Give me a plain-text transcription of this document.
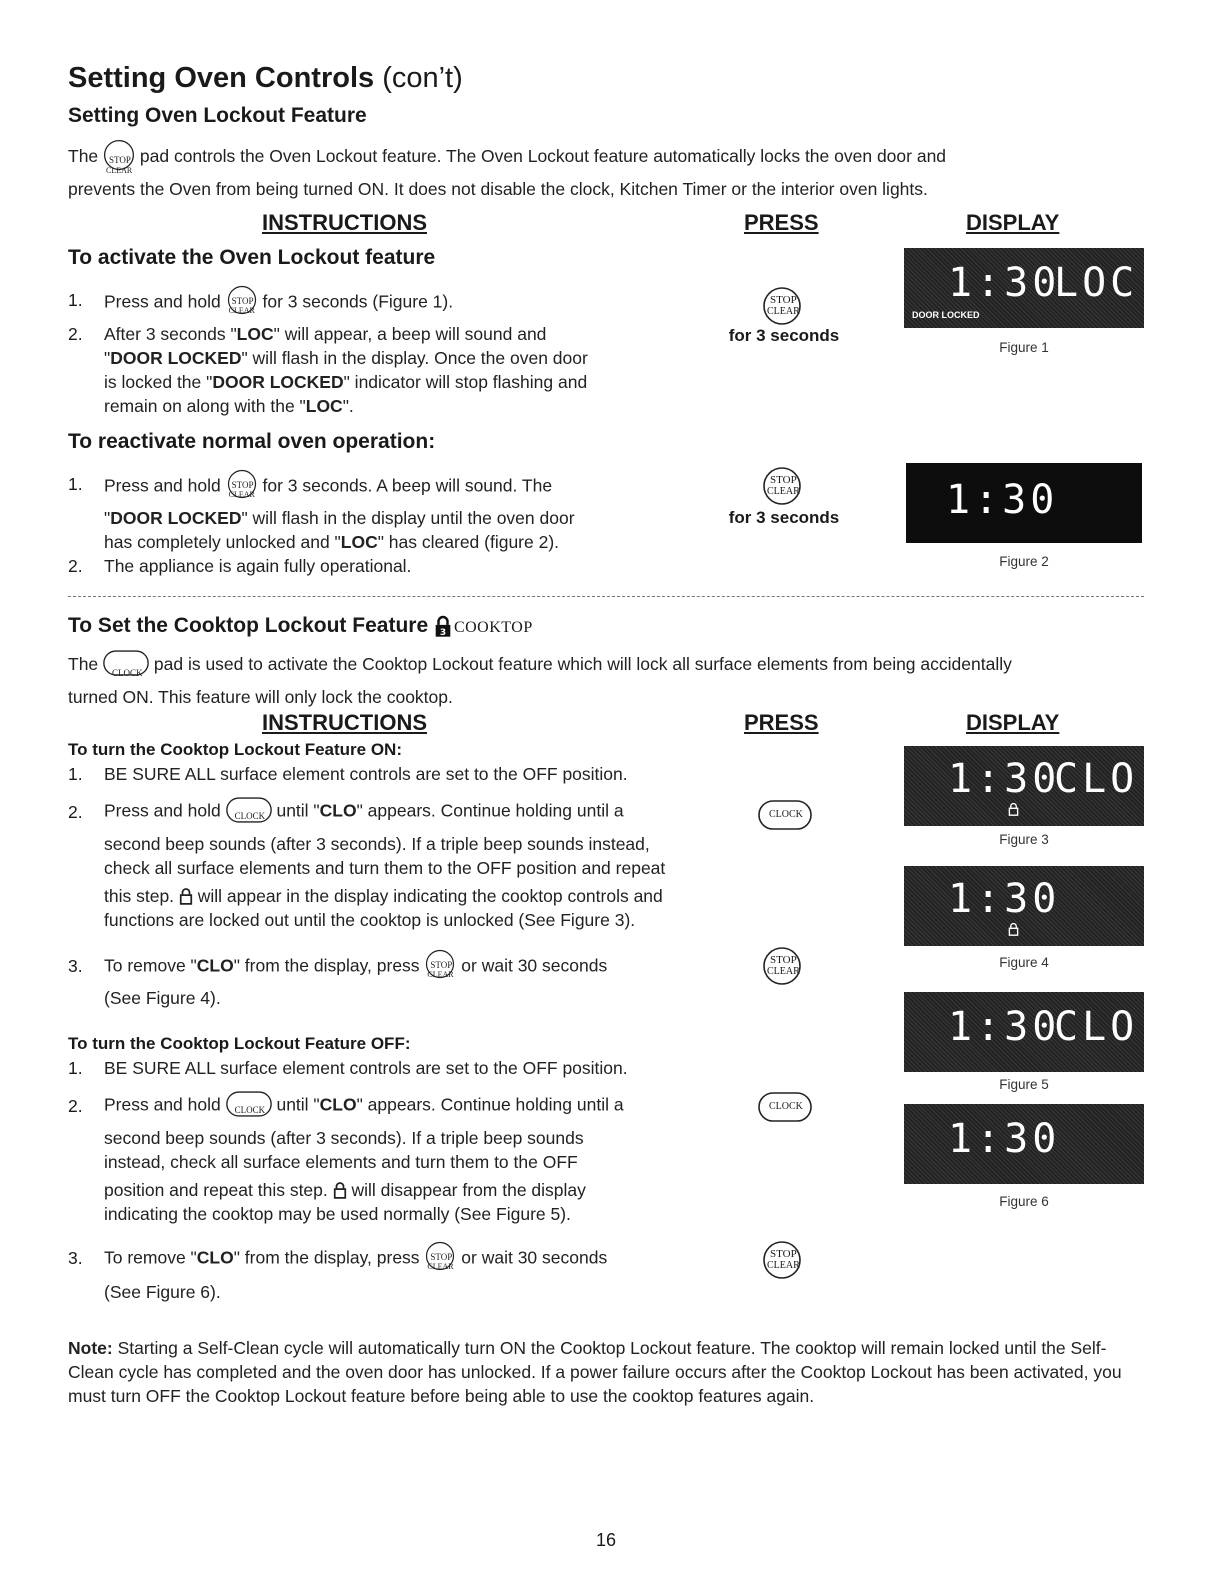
Setting Oven Controls (con’t)
Setting Oven Lockout Feature
The STOP
CLEAR
pad controls the Oven Lockout feature. The Oven Lockout feature automatically locks the oven door and
prevents the Oven from being turned ON. It does not disable the clock, Kitchen Timer or the interior oven lights.
INSTRUCTIONS	PRESS	DISPLAY
To activate the Oven Lockout feature
1. Press and hold STOP
CLEAR for 3 seconds (Figure 1).
2. After 3 seconds "LOC" will appear, a beep will sound and
"DOOR LOCKED" will flash in the display. Once the oven door
is locked the "DOOR LOCKED" indicator will stop flashing and
remain on along with the "LOC".
STOP
CLEAR
for 3 seconds
1:30
LOC
DOOR LOCKED
Figure 1
To reactivate normal oven operation:
1. Press and hold STOP
CLEAR for 3 seconds. A beep will sound. The
"DOOR LOCKED" will flash in the display until the oven door
has completely unlocked and "LOC" has cleared (figure 2).
2. The appliance is again fully operational.
STOP
CLEAR
for 3 seconds	1:30
Figure 2
To Set the Cooktop Lockout Feature 3 COOKTOP
The CLOCK pad is used to activate the Cooktop Lockout feature which will lock all surface elements from being accidentally
turned ON. This feature will only lock the cooktop.
INSTRUCTIONS	PRESS	DISPLAY
To turn the Cooktop Lockout Feature ON:
1. BE SURE ALL surface element controls are set to the OFF position.
2. Press and hold CLOCK until "CLO" appears. Continue holding until a
second beep sounds (after 3 seconds). If a triple beep sounds instead,
check all surface elements and turn them to the OFF position and repeat
this step.  will appear in the display indicating the cooktop controls and
functions are locked out until the cooktop is unlocked (See Figure 3).
3. To remove "CLO" from the display, press STOP
CLEAR or wait 30 seconds
(See Figure 4).
To turn the Cooktop Lockout Feature OFF:
1. BE SURE ALL surface element controls are set to the OFF position.
2. Press and hold CLOCK until "CLO" appears. Continue holding until a
second beep sounds (after 3 seconds). If a triple beep sounds
instead, check all surface elements and turn them to the OFF
position and repeat this step.  will disappear from the display
indicating the cooktop may be used normally (See Figure 5).
3. To remove "CLO" from the display, press STOP
CLEAR or wait 30 seconds
(See Figure 6).
CLOCK
STOP
CLEAR
CLOCK
STOP
CLEAR
1:30
CLO
Figure 3
1:30
Figure 4
1:30
CLO
Figure 5
1:30
Figure 6
Note: Starting a Self-Clean cycle will automatically turn ON the Cooktop Lockout feature. The cooktop will remain locked until the Self-Clean cycle has completed and the oven door has unlocked. If a power failure occurs after the Cooktop Lockout has been activated, you must turn OFF the Cooktop Lockout feature before being able to use the cooktop features again.
16
